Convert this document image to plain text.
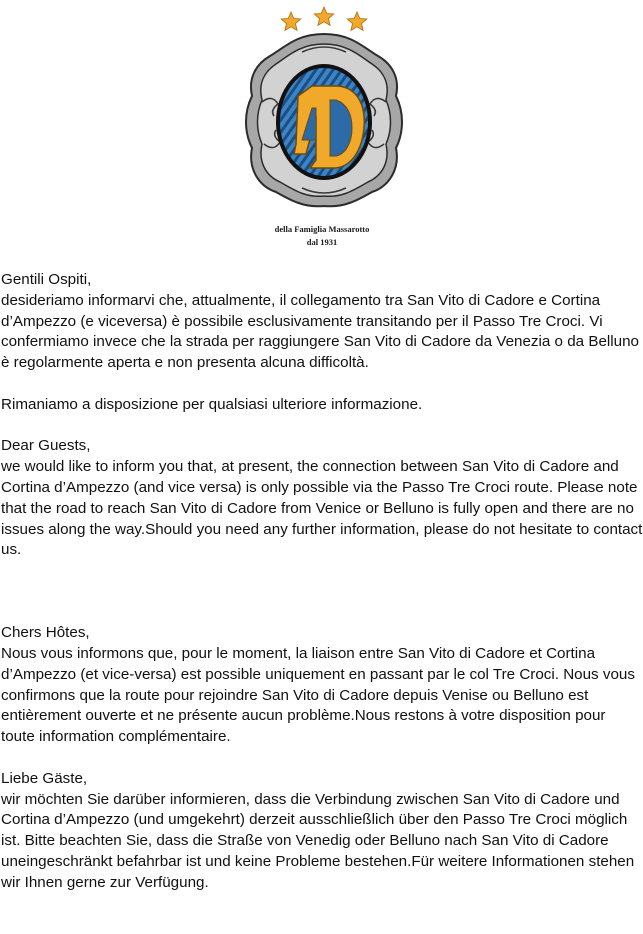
della Famiglia Massarotto
dal 1931

Gentili Ospiti,

desideriamo informarvi che, attualmente, il collegamento tra San Vito di Cadore e Cortina d’Ampezzo (e viceversa) è possibile esclusivamente transitando per il Passo Tre Croci. Vi confermiamo invece che la strada per raggiungere San Vito di Cadore da Venezia o da Belluno è regolarmente aperta e non presenta alcuna difficoltà.

Rimaniamo a disposizione per qualsiasi ulteriore informazione.

Dear Guests,

we would like to inform you that, at present, the connection between San Vito di Cadore and Cortina d’Ampezzo (and vice versa) is only possible via the Passo Tre Croci route. Please note that the road to reach San Vito di Cadore from Venice or Belluno is fully open and there are no issues along the way.Should you need any further information, please do not hesitate to contact us.

Chers Hôtes,

Nous vous informons que, pour le moment, la liaison entre San Vito di Cadore et Cortina d’Ampezzo (et vice-versa) est possible uniquement en passant par le col Tre Croci. Nous vous confirmons que la route pour rejoindre San Vito di Cadore depuis Venise ou Belluno est entièrement ouverte et ne présente aucun problème.Nous restons à votre disposition pour toute information complémentaire.

Liebe Gäste,

wir möchten Sie darüber informieren, dass die Verbindung zwischen San Vito di Cadore und Cortina d’Ampezzo (und umgekehrt) derzeit ausschließlich über den Passo Tre Croci möglich ist. Bitte beachten Sie, dass die Straße von Venedig oder Belluno nach San Vito di Cadore uneingeschränkt befahrbar ist und keine Probleme bestehen.Für weitere Informationen stehen wir Ihnen gerne zur Verfügung.
